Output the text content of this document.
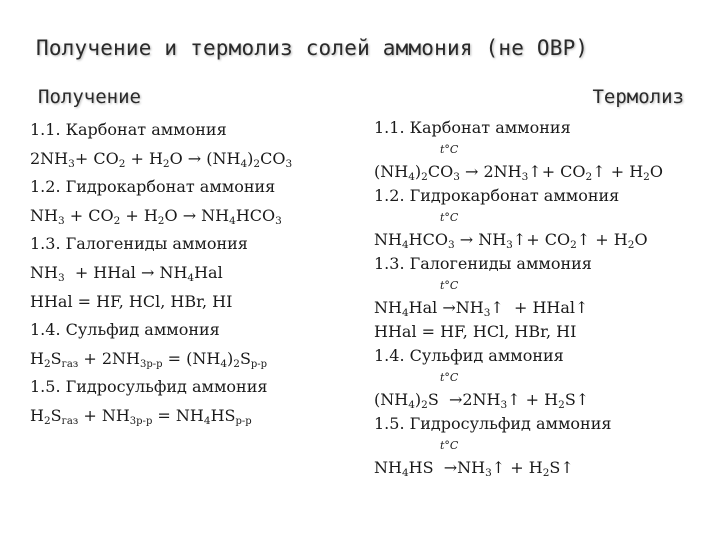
Получение и термолиз солей аммония (не ОВР)
Получение	Термолиз
1.1. Карбонат аммония
$2NH_3+ CO_2 + H_2O \to (NH_4)_2CO_3$
1.2. Гидрокарбонат аммония
$NH_3 + CO_2 + H_2O \to NH_4HCO_3$
1.3. Галогениды аммония
$NH_3$  + HHal → $NH_4Hal$
HHal = HF, HCl, HBr, HI
1.4. Сульфид аммония
$H_2Sгаз + 2NH3р-р = (NH_4)_2Sр-р$
1.5. Гидросульфид аммония
$H_2Sгаз + NH3р-р = NH_4HSр-р$
1.1. Карбонат аммония
t°C
$(NH_4)_2CO_3$ → $2NH_3↑+$ $CO_2↑ + H_2O$
1.2. Гидрокарбонат аммония
t°C
$NH_4HCO_3$ → $NH_3↑+$ $CO_2↑ + H_2O$
1.3. Галогениды аммония
t°C
$NH_4Hal$ $\to NH_3↑$  + HHal↑
HHal = HF, HCl, HBr, HI
1.4. Сульфид аммония
t°C
$(NH_4)_2S$  $\to 2NH_3↑$ + $H_2S↑$
1.5. Гидросульфид аммония
t°C
$NH_4HS$  $\to NH_3↑$ + $H_2S↑$
